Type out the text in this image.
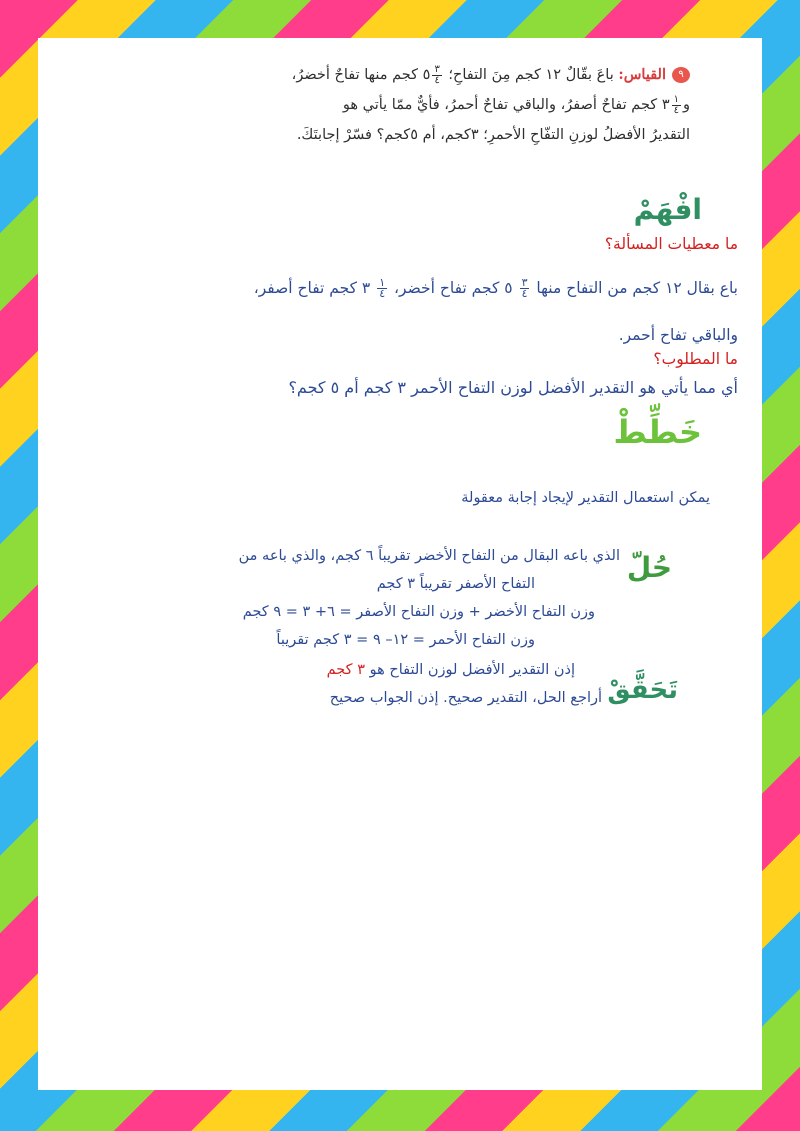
٩القياس: باعَ بقّالٌ ١٢ كجم مِنَ التفاحِ؛
$\frac{٣}{٤}$
٥ كجم منها تفاحٌ أخضرُ،

و
$\frac{١}{٤}$
٣ كجم تفاحٌ أصفرُ، والباقي تفاحٌ أحمرُ، فأيٌّ ممّا يأتي هو

التقديرُ الأفضلُ لوزنِ التفّاحِ الأحمرِ؛ ٣كجم، أم ٥كجم؟ فسّرْ إجابتَكَ.

افْهَمْ
ما معطيات المسألة؟
باع بقال ١٢ كجم من التفاح منها
$\frac{٣}{٤}$
٥ كجم تفاح أخضر،
$\frac{١}{٤}$
٣ كجم تفاح أصفر،
والباقي تفاح أحمر.
ما المطلوب؟
أي مما يأتي هو التقدير الأفضل لوزن التفاح الأحمر ٣ كجم أم ٥ كجم؟
خَطِّطْ
يمكن استعمال التقدير لإيجاد إجابة معقولة
حُلّ
الذي باعه البقال من التفاح الأخضر تقريباً ٦ كجم، والذي باعه من
التفاح الأصفر تقريباً ٣ كجم
وزن التفاح الأخضر + وزن التفاح الأصفر = ٦+ ٣ = ٩ كجم
وزن التفاح الأحمر = ١٢– ٩ = ٣ كجم تقريباً
إذن التقدير الأفضل لوزن التفاح هو ٣ كجم
تَحَقَّقْ
أراجع الحل، التقدير صحيح. إذن الجواب صحيح
